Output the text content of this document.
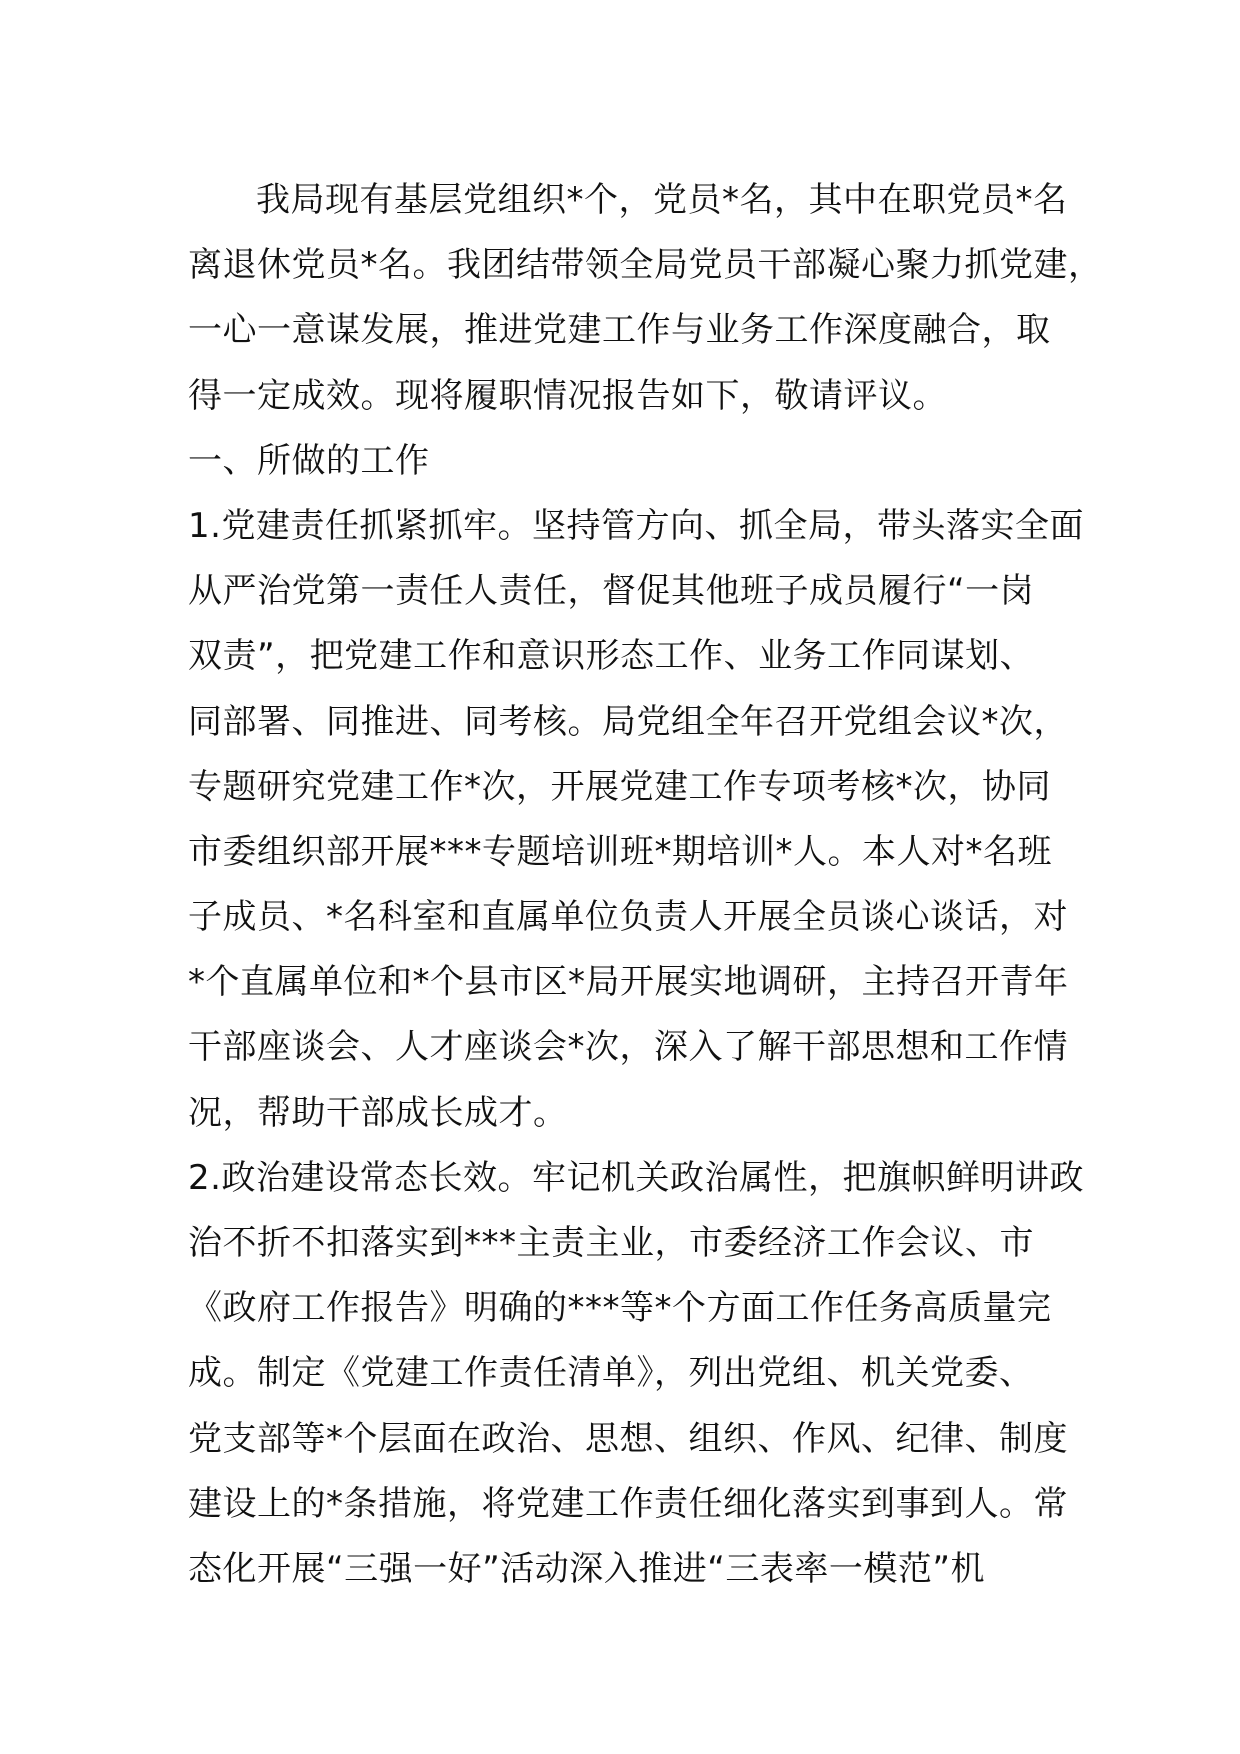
我局现有基层党组织*个，党员*名，其中在职党员*名
离退休党员*名。我团结带领全局党员干部凝心聚力抓党建，
一心一意谋发展，推进党建工作与业务工作深度融合，取
得一定成效。现将履职情况报告如下，敬请评议。
一、所做的工作
1.党建责任抓紧抓牢。坚持管方向、抓全局，带头落实全面
从严治党第一责任人责任，督促其他班子成员履行“一岗
双责”，把党建工作和意识形态工作、业务工作同谋划、
同部署、同推进、同考核。局党组全年召开党组会议*次，
专题研究党建工作*次，开展党建工作专项考核*次，协同
市委组织部开展***专题培训班*期培训*人。本人对*名班
子成员、*名科室和直属单位负责人开展全员谈心谈话，对
*个直属单位和*个县市区*局开展实地调研，主持召开青年
干部座谈会、人才座谈会*次，深入了解干部思想和工作情
况，帮助干部成长成才。
2.政治建设常态长效。牢记机关政治属性，把旗帜鲜明讲政
治不折不扣落实到***主责主业，市委经济工作会议、市
《政府工作报告》明确的***等*个方面工作任务高质量完
成。制定《党建工作责任清单》，列出党组、机关党委、
党支部等*个层面在政治、思想、组织、作风、纪律、制度
建设上的*条措施，将党建工作责任细化落实到事到人。常
态化开展“三强一好”活动深入推进“三表率一模范”机
